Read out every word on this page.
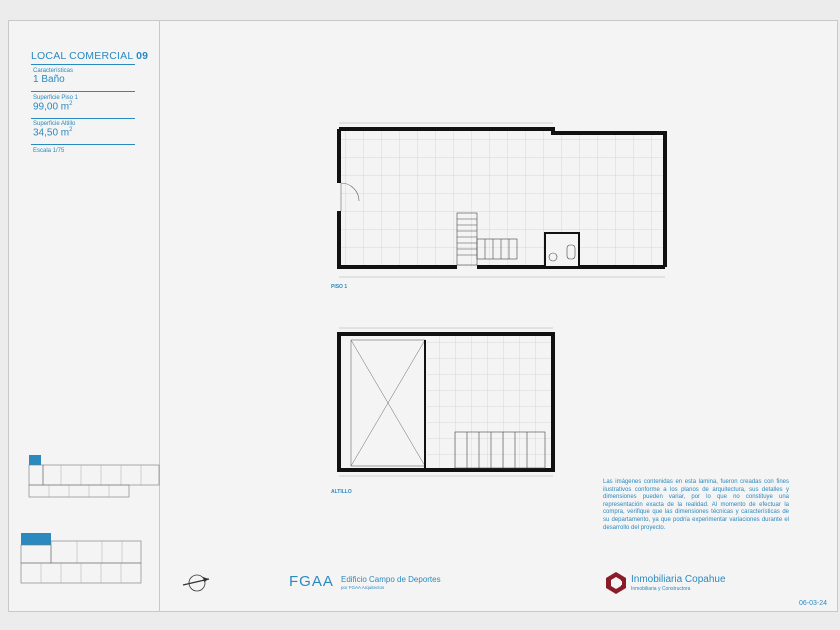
LOCAL COMERCIAL 09
Características
1 Baño
Superficie Piso 1
99,00 $m^2$
Superficie Altillo
34,50 $m^2$
Escala 1/75
PISO 1
ALTILLO
Las imágenes contenidas en esta lamina, fueron creadas con fines ilustrativos conforme a los planos de arquitectura, sus detalles y dimensiones pueden variar, por lo que no constituye una representación exacta de la realidad. Al momento de efectuar la compra, verifique que las dimensiones técnicas y características de su departamento, ya que podría experimentar variaciones durante el desarrollo del proyecto.
FGAA Edificio Campo de Deportes
por FGAA Arquitectos
Inmobiliaria Copahue
Inmobiliaria y Constructora
06-03-24
